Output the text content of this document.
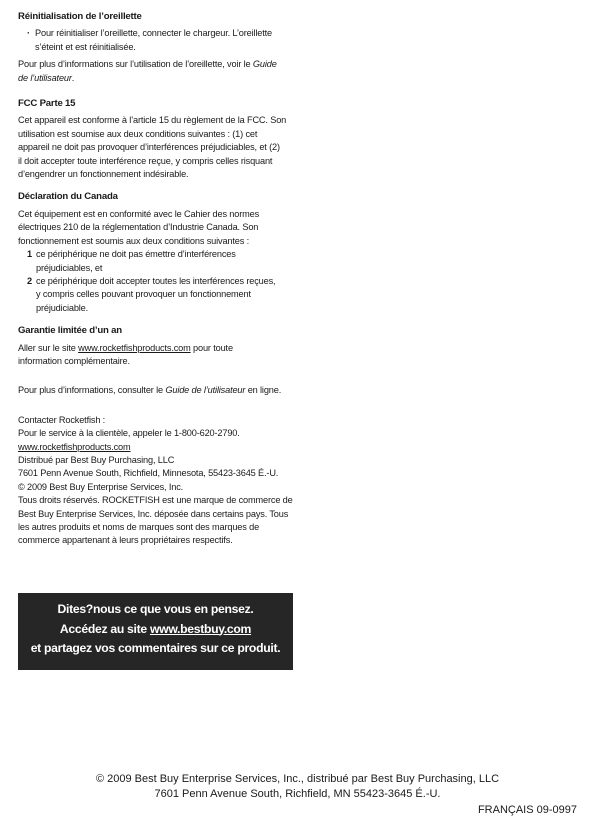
Réinitialisation de l’oreillette
· Pour réinitialiser l’oreillette, connecter le chargeur. L’oreillette

s’éteint et est réinitialisée.

Pour plus d’informations sur l’utilisation de l’oreillette, voir le Guide

de l’utilisateur.

FCC Parte 15

Cet appareil est conforme à l’article 15 du règlement de la FCC. Son

utilisation est soumise aux deux conditions suivantes : (1) cet

appareil ne doit pas provoquer d’interférences préjudiciables, et (2)

il doit accepter toute interférence reçue, y compris celles risquant

d’engendrer un fonctionnement indésirable.

Déclaration du Canada

Cet équipement est en conformité avec le Cahier des normes

électriques 210 de la réglementation d’Industrie Canada. Son

fonctionnement est soumis aux deux conditions suivantes :

1 ce périphérique ne doit pas émettre d’interférences

préjudiciables, et

2 ce périphérique doit accepter toutes les interférences reçues,

y compris celles pouvant provoquer un fonctionnement

préjudiciable.

Garantie limitée d’un an

Aller sur le site www.rocketfishproducts.com pour toute

information complémentaire.

Pour plus d’informations, consulter le Guide de l’utilisateur en ligne.

Contacter Rocketfish :

Pour le service à la clientèle, appeler le 1-800-620-2790.

www.rocketfishproducts.com

Distribué par Best Buy Purchasing, LLC

7601 Penn Avenue South, Richfield, Minnesota, 55423-3645 É.-U.

© 2009 Best Buy Enterprise Services, Inc.

Tous droits réservés. ROCKETFISH est une marque de commerce de

Best Buy Enterprise Services, Inc. déposée dans certains pays. Tous

les autres produits et noms de marques sont des marques de

commerce appartenant à leurs propriétaires respectifs.

Dites?nous ce que vous en pensez.
Accédez au site www.bestbuy.com
et partagez vos commentaires sur ce produit.
© 2009 Best Buy Enterprise Services, Inc., distribué par Best Buy Purchasing, LLC
7601 Penn Avenue South, Richfield, MN 55423-3645 É.-U.
FRANÇAIS 09-0997
